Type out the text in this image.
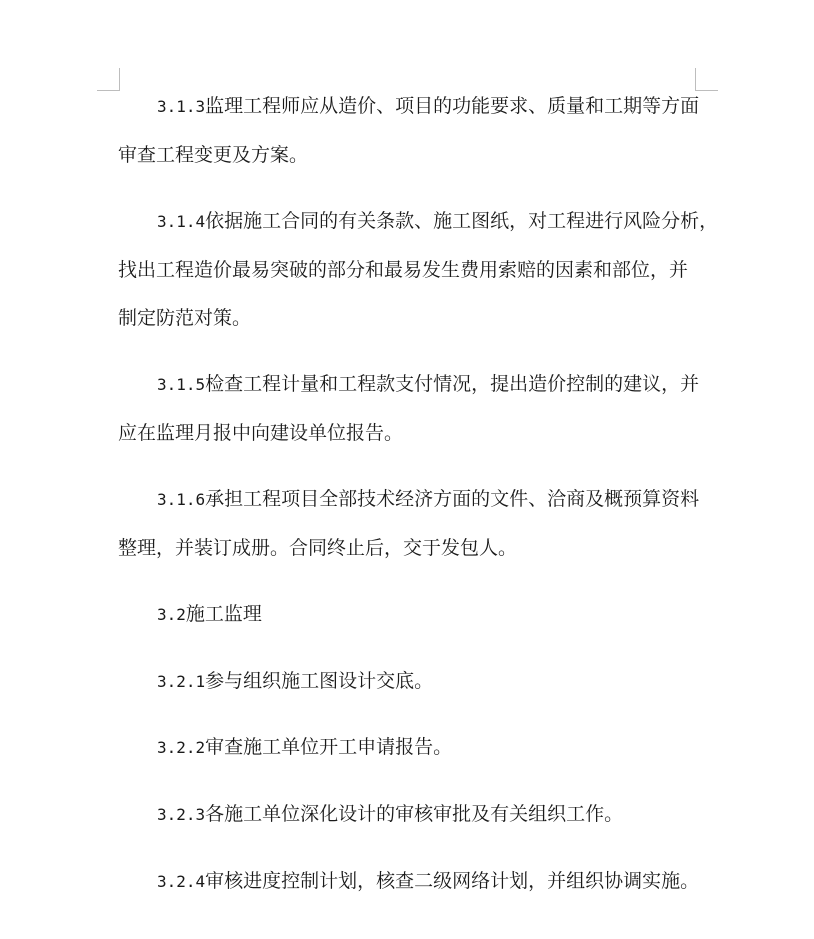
3.1.3监理工程师应从造价、项目的功能要求、质量和工期等方面
审查工程变更及方案。
3.1.4依据施工合同的有关条款、施工图纸，对工程进行风险分析，
找出工程造价最易突破的部分和最易发生费用索赔的因素和部位，并
制定防范对策。
3.1.5检查工程计量和工程款支付情况，提出造价控制的建议，并
应在监理月报中向建设单位报告。
3.1.6承担工程项目全部技术经济方面的文件、洽商及概预算资料
整理，并装订成册。合同终止后，交于发包人。
3.2施工监理
3.2.1参与组织施工图设计交底。
3.2.2审查施工单位开工申请报告。
3.2.3各施工单位深化设计的审核审批及有关组织工作。
3.2.4审核进度控制计划，核查二级网络计划，并组织协调实施。
